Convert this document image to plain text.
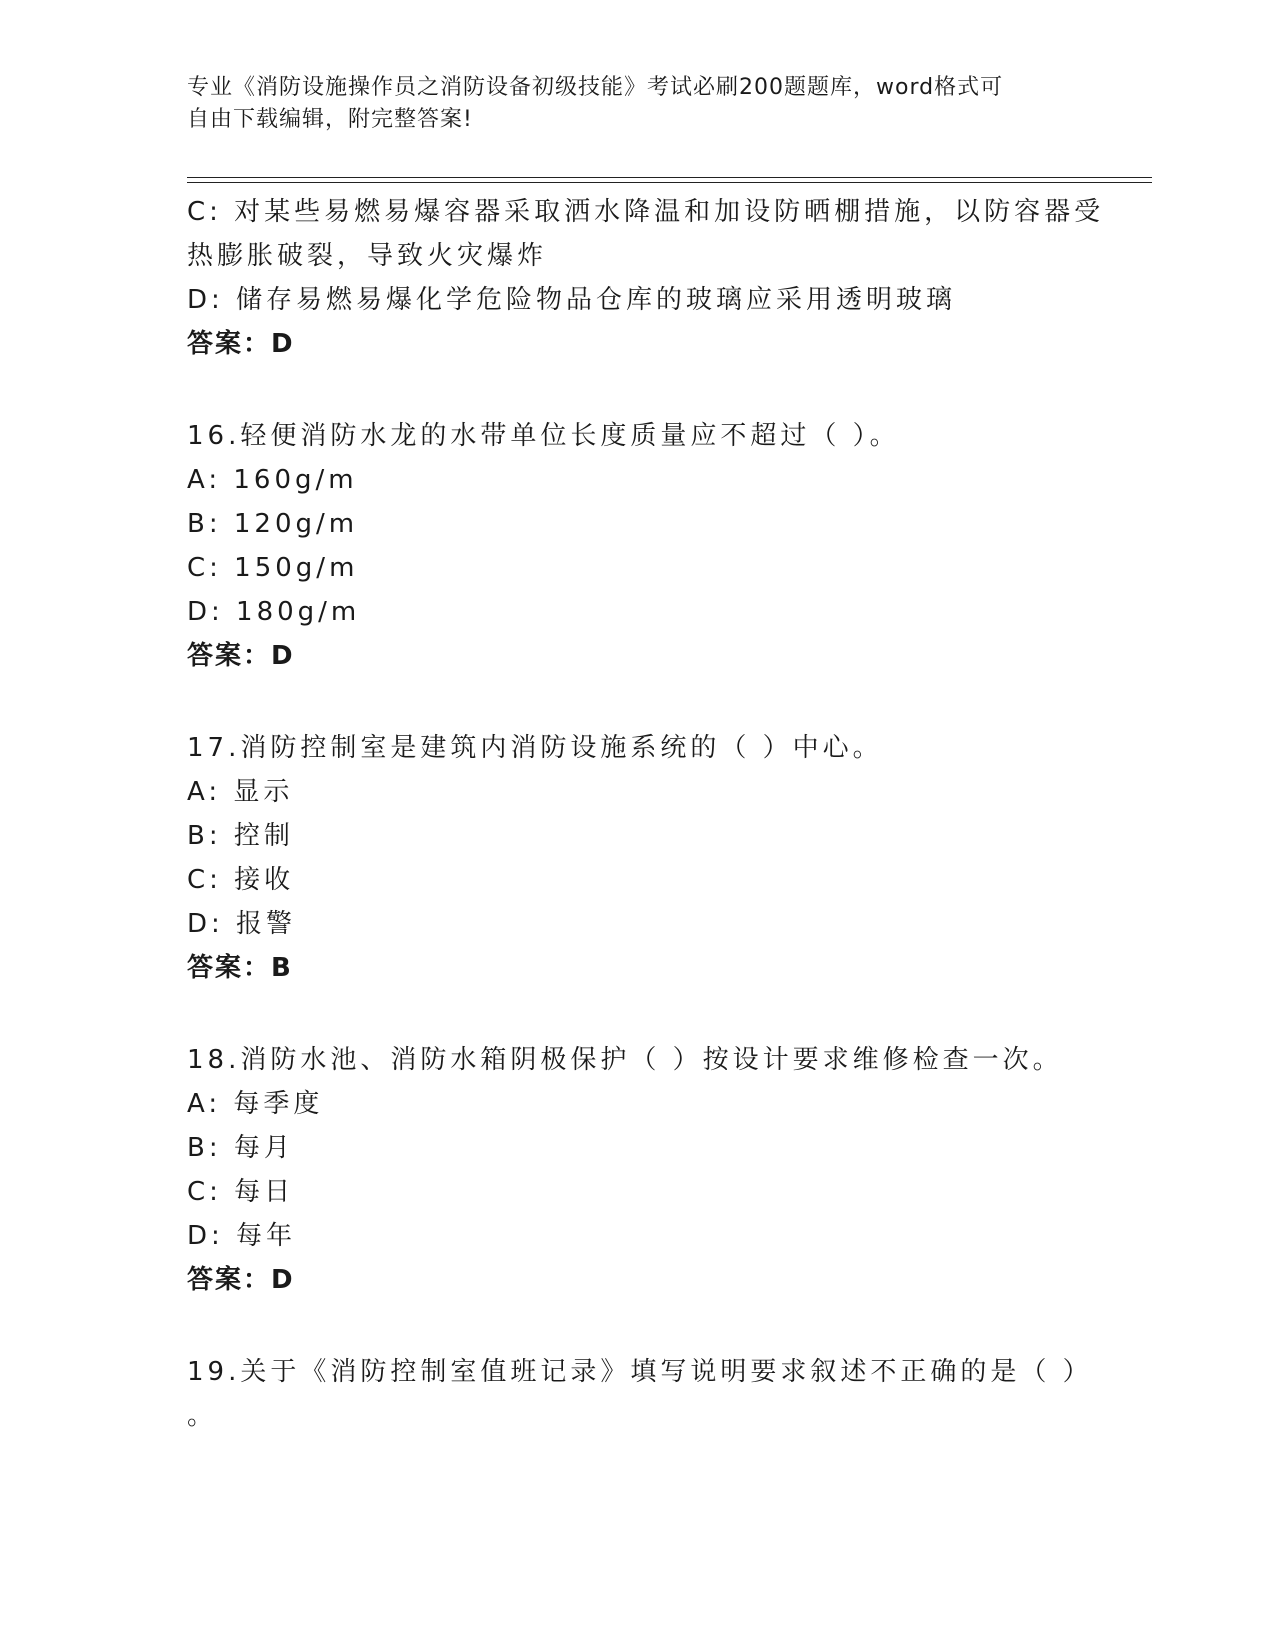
专业《消防设施操作员之消防设备初级技能》考试必刷200题题库，word格式可
自由下载编辑，附完整答案!
C: 对某些易燃易爆容器采取洒水降温和加设防晒棚措施，以防容器受
热膨胀破裂，导致火灾爆炸
D: 储存易燃易爆化学危险物品仓库的玻璃应采用透明玻璃
答案：D
16.轻便消防水龙的水带单位长度质量应不超过（ ）。
A: 160g/m
B: 120g/m
C: 150g/m
D: 180g/m
答案：D
17.消防控制室是建筑内消防设施系统的（ ）中心。
A: 显示
B: 控制
C: 接收
D: 报警
答案：B
18.消防水池、消防水箱阴极保护（ ）按设计要求维修检查一次。
A: 每季度
B: 每月
C: 每日
D: 每年
答案：D
19.关于《消防控制室值班记录》填写说明要求叙述不正确的是（ ）
。
